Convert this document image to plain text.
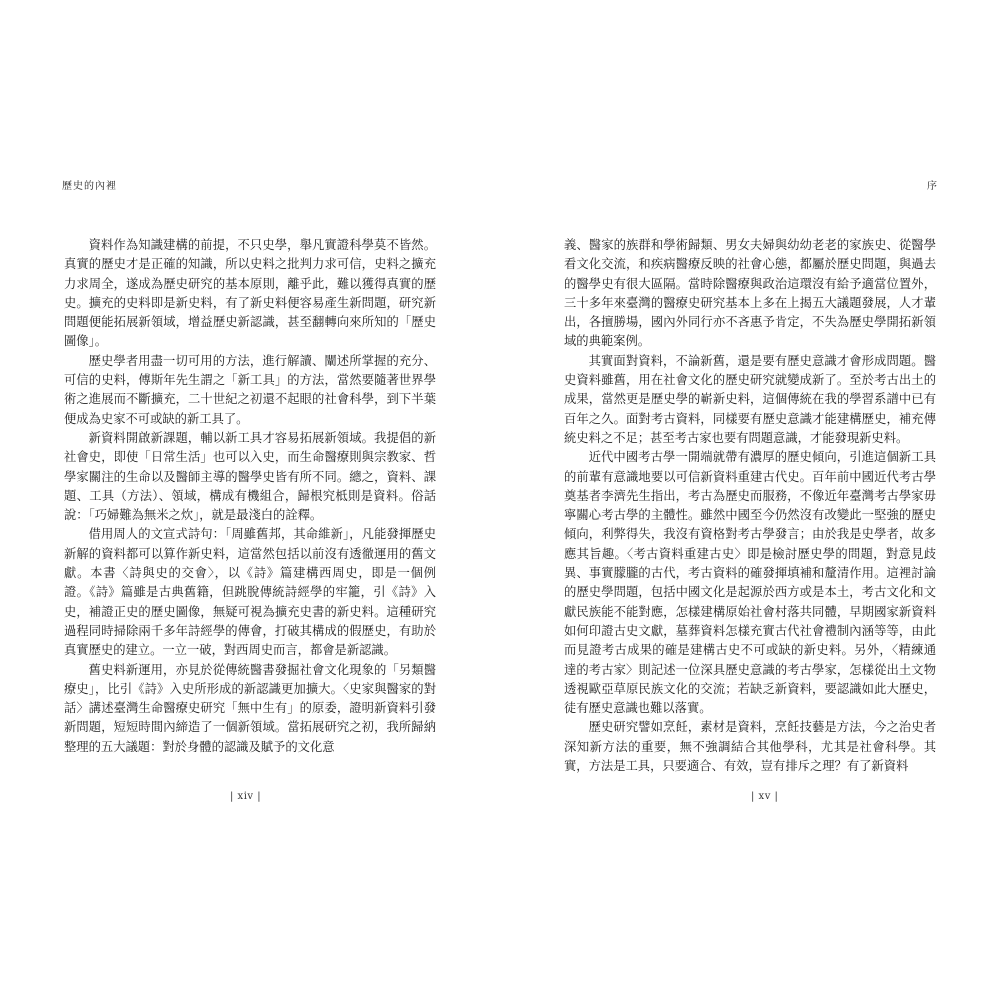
歷史的內裡	序

資料作為知識建構的前提，不只史學，舉凡實證科學莫不皆然。真實的歷史才是正確的知識，所以史料之批判力求可信，史料之擴充力求周全，遂成為歷史研究的基本原則，離乎此，難以獲得真實的歷史。擴充的史料即是新史料，有了新史料便容易產生新問題，研究新問題便能拓展新領域，增益歷史新認識，甚至翻轉向來所知的「歷史圖像」。

歷史學者用盡一切可用的方法，進行解讀、闡述所掌握的充分、可信的史料，傅斯年先生謂之「新工具」的方法，當然要隨著世界學術之進展而不斷擴充，二十世紀之初還不起眼的社會科學，到下半葉便成為史家不可或缺的新工具了。

新資料開啟新課題，輔以新工具才容易拓展新領域。我提倡的新社會史，即使「日常生活」也可以入史，而生命醫療則與宗教家、哲學家關注的生命以及醫師主導的醫學史皆有所不同。總之，資料、課題、工具（方法）、領域，構成有機組合，歸根究柢則是資料。俗話說：「巧婦難為無米之炊」，就是最淺白的詮釋。

借用周人的文宣式詩句：「周雖舊邦，其命維新」，凡能發揮歷史新解的資料都可以算作新史料，這當然包括以前沒有透徹運用的舊文獻。本書〈詩與史的交會〉，以《詩》篇建構西周史，即是一個例證。《詩》篇雖是古典舊籍，但跳脫傳統詩經學的牢籠，引《詩》入史，補證正史的歷史圖像，無疑可視為擴充史書的新史料。這種研究過程同時掃除兩千多年詩經學的傳會，打破其構成的假歷史，有助於真實歷史的建立。一立一破，對西周史而言，都會是新認識。

舊史料新運用，亦見於從傳統醫書發掘社會文化現象的「另類醫療史」，比引《詩》入史所形成的新認識更加擴大。〈史家與醫家的對話〉講述臺灣生命醫療史研究「無中生有」的原委，證明新資料引發新問題，短短時間內締造了一個新領域。當拓展研究之初，我所歸納整理的五大議題：對於身體的認識及賦予的文化意

義、醫家的族群和學術歸類、男女夫婦與幼幼老老的家族史、從醫學看文化交流，和疾病醫療反映的社會心態，都屬於歷史問題，與過去的醫學史有很大區隔。當時除醫療與政治這環沒有給予適當位置外，三十多年來臺灣的醫療史研究基本上多在上揭五大議題發展，人才輩出，各擅勝場，國內外同行亦不吝惠予肯定，不失為歷史學開拓新領域的典範案例。

其實面對資料，不論新舊，還是要有歷史意識才會形成問題。醫史資料雖舊，用在社會文化的歷史研究就變成新了。至於考古出土的成果，當然更是歷史學的嶄新史料，這個傳統在我的學習系譜中已有百年之久。面對考古資料，同樣要有歷史意識才能建構歷史，補充傳統史料之不足；甚至考古家也要有問題意識，才能發現新史料。

近代中國考古學一開端就帶有濃厚的歷史傾向，引進這個新工具的前輩有意識地要以可信新資料重建古代史。百年前中國近代考古學奠基者李濟先生指出，考古為歷史而服務，不像近年臺灣考古學家毋寧關心考古學的主體性。雖然中國至今仍然沒有改變此一堅強的歷史傾向，利弊得失，我沒有資格對考古學發言；由於我是史學者，故多應其旨趣。〈考古資料重建古史〉即是檢討歷史學的問題，對意見歧異、事實朦朧的古代，考古資料的確發揮填補和釐清作用。這裡討論的歷史學問題，包括中國文化是起源於西方或是本土，考古文化和文獻民族能不能對應，怎樣建構原始社會村落共同體，早期國家新資料如何印證古史文獻，墓葬資料怎樣充實古代社會禮制內涵等等，由此而見證考古成果的確是建構古史不可或缺的新史料。另外，〈精練通達的考古家〉則記述一位深具歷史意識的考古學家，怎樣從出土文物透視歐亞草原民族文化的交流；若缺乏新資料，要認識如此大歷史，徒有歷史意識也難以落實。

歷史研究譬如烹飪，素材是資料，烹飪技藝是方法，今之治史者深知新方法的重要，無不強調結合其他學科，尤其是社會科學。其實，方法是工具，只要適合、有效，豈有排斥之理？有了新資料

| xiv |	| xv |
